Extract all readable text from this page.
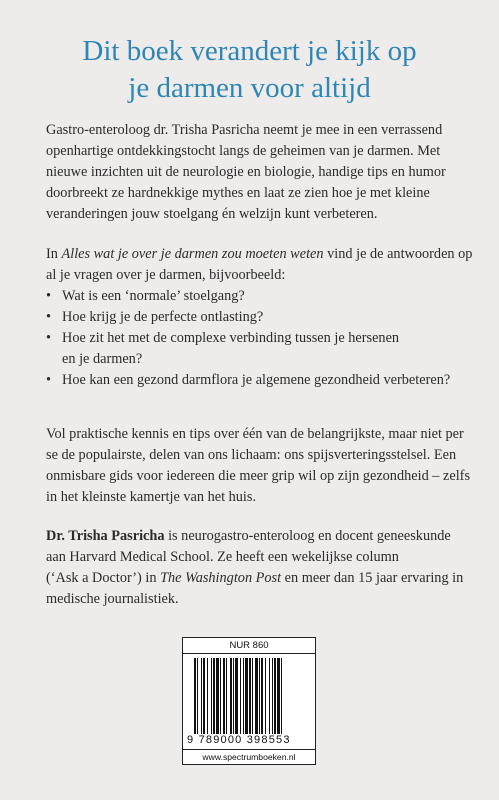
Dit boek verandert je kijk op
je darmen voor altijd

Gastro-enteroloog dr. Trisha Pasricha neemt je mee in een verrassend
openhartige ontdekkingstocht langs de geheimen van je darmen. Met
nieuwe inzichten uit de neurologie en biologie, handige tips en humor
doorbreekt ze hardnekkige mythes en laat ze zien hoe je met kleine
veranderingen jouw stoelgang én welzijn kunt verbeteren.

In Alles wat je over je darmen zou moeten weten vind je de antwoorden op
al je vragen over je darmen, bijvoorbeeld:

• Wat is een ‘normale’ stoelgang?
• Hoe krijg je de perfecte ontlasting?
• Hoe zit het met de complexe verbinding tussen je hersenen
en je darmen?
• Hoe kan een gezond darmflora je algemene gezondheid verbeteren?

Vol praktische kennis en tips over één van de belangrijkste, maar niet per
se de populairste, delen van ons lichaam: ons spijsverteringsstelsel. Een
onmisbare gids voor iedereen die meer grip wil op zijn gezondheid – zelfs
in het kleinste kamertje van het huis.

Dr. Trisha Pasricha is neurogastro-enteroloog en docent geneeskunde
aan Harvard Medical School. Ze heeft een wekelijkse column
(‘Ask a Doctor’) in The Washington Post en meer dan 15 jaar ervaring in
medische journalistiek.

NUR 860
9 789000 398553
www.spectrumboeken.nl
